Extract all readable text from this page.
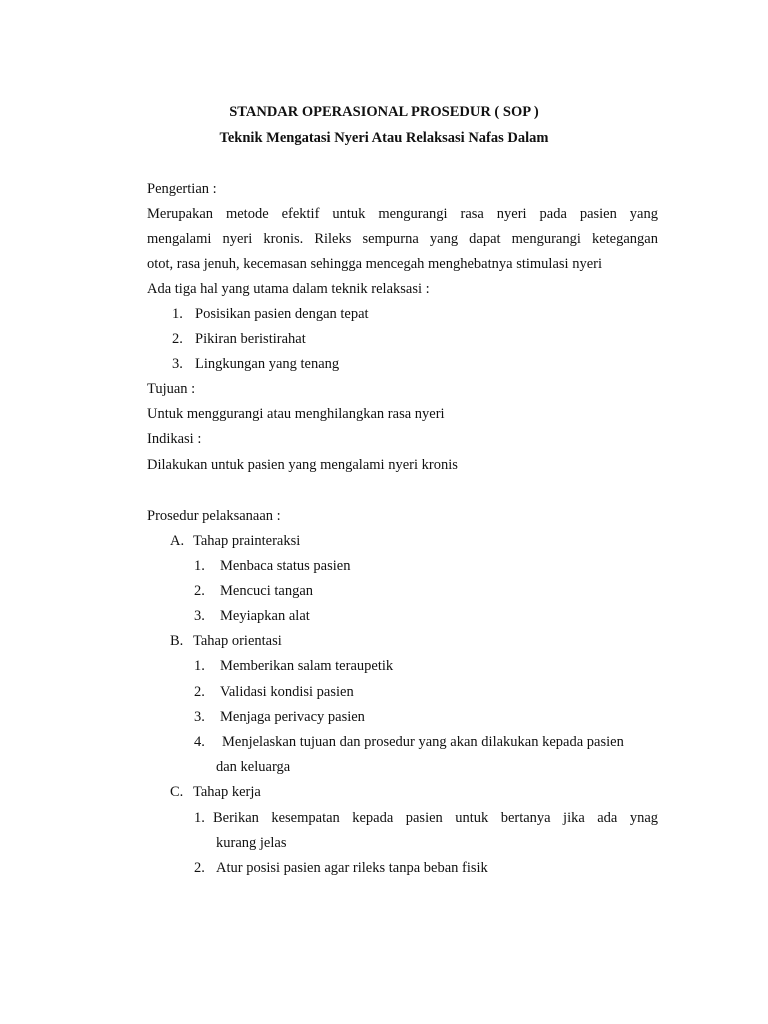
STANDAR OPERASIONAL PROSEDUR ( SOP )
Teknik Mengatasi Nyeri Atau Relaksasi Nafas Dalam
Pengertian :
Merupakan metode efektif untuk mengurangi rasa nyeri pada pasien yang
mengalami nyeri kronis. Rileks sempurna yang dapat mengurangi ketegangan
otot, rasa jenuh, kecemasan sehingga mencegah menghebatnya stimulasi nyeri
Ada tiga hal yang utama dalam teknik relaksasi :
1. Posisikan pasien dengan tepat
2. Pikiran beristirahat
3. Lingkungan yang tenang
Tujuan :
Untuk menggurangi atau menghilangkan rasa nyeri
Indikasi :
Dilakukan untuk pasien yang mengalami nyeri kronis
Prosedur pelaksanaan :
A. Tahap prainteraksi
1. Menbaca status pasien
2. Mencuci tangan
3. Meyiapkan alat
B. Tahap orientasi
1. Memberikan salam teraupetik
2. Validasi kondisi pasien
3. Menjaga perivacy pasien
4. Menjelaskan tujuan dan prosedur yang akan dilakukan kepada pasien
dan keluarga
C. Tahap kerja
1. Berikan kesempatan kepada pasien untuk bertanya jika ada ynag
kurang jelas
2. Atur posisi pasien agar rileks tanpa beban fisik
